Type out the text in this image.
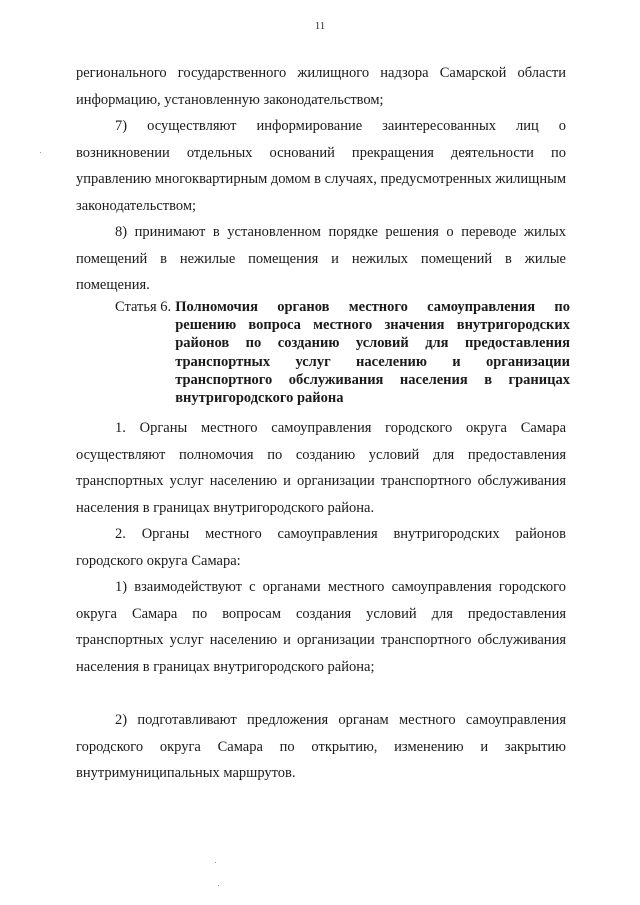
11

регионального государственного жилищного надзора Самарской области информацию, установленную законодательством;

7) осуществляют информирование заинтересованных лиц о возникновении отдельных оснований прекращения деятельности по управлению многоквартирным домом в случаях, предусмотренных жилищным законодательством;

8) принимают в установленном порядке решения о переводе жилых помещений в нежилые помещения и нежилых помещений в жилые помещения.

Статья 6. Полномочия органов местного самоуправления по решению вопроса местного значения внутригородских районов по созданию условий для предоставления транспортных услуг населению и организации транспортного обслуживания населения в границах внутригородского района

1. Органы местного самоуправления городского округа Самара осуществляют полномочия по созданию условий для предоставления транспортных услуг населению и организации транспортного обслуживания населения в границах внутригородского района.

2. Органы местного самоуправления внутригородских районов городского округа Самара:

1) взаимодействуют с органами местного самоуправления городского округа Самара по вопросам создания условий для предоставления транспортных услуг населению и организации транспортного обслуживания населения в границах внутригородского района;

2) подготавливают предложения органам местного самоуправления городского округа Самара по открытию, изменению и закрытию внутримуниципальных маршрутов.
